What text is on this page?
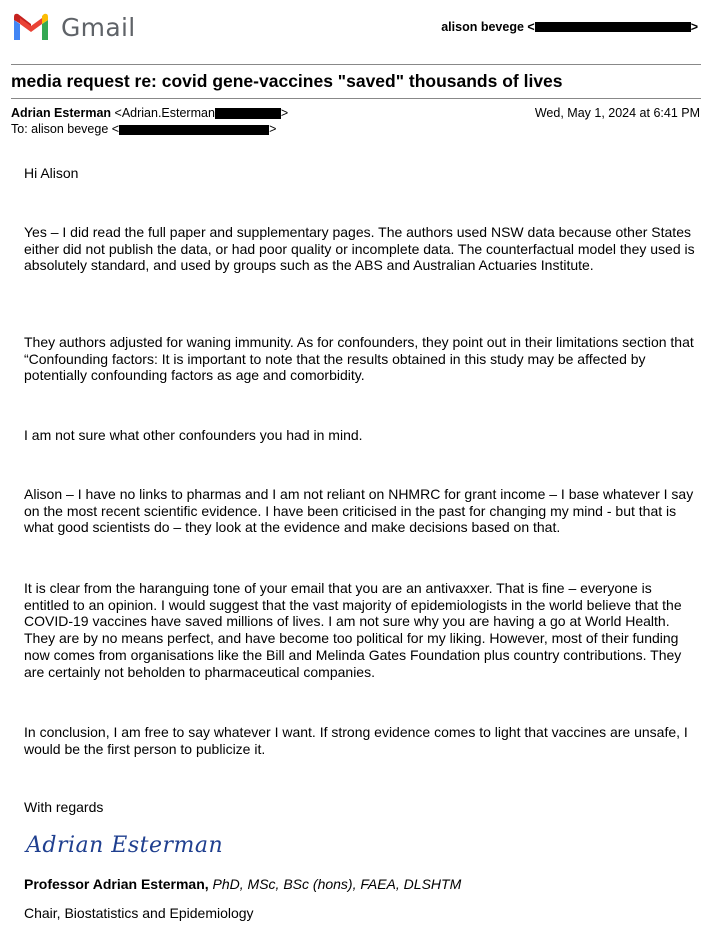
Gmail	alison bevege <	>
media request re: covid gene-vaccines "saved" thousands of lives
Adrian Esterman <Adrian.Esterman	>	Wed, May 1, 2024 at 6:41 PM
To: alison bevege <	>

Hi Alison

Yes – I did read the full paper and supplementary pages. The authors used NSW data because other States either did not publish the data, or had poor quality or incomplete data. The counterfactual model they used is absolutely standard, and used by groups such as the ABS and Australian Actuaries Institute.

They authors adjusted for waning immunity. As for confounders, they point out in their limitations section that “Confounding factors: It is important to note that the results obtained in this study may be affected by potentially confounding factors as age and comorbidity.

I am not sure what other confounders you had in mind.

Alison – I have no links to pharmas and I am not reliant on NHMRC for grant income – I base whatever I say on the most recent scientific evidence. I have been criticised in the past for changing my mind - but that is what good scientists do – they look at the evidence and make decisions based on that.

It is clear from the haranguing tone of your email that you are an antivaxxer. That is fine – everyone is entitled to an opinion. I would suggest that the vast majority of epidemiologists in the world believe that the COVID-19 vaccines have saved millions of lives. I am not sure why you are having a go at World Health. They are by no means perfect, and have become too political for my liking. However, most of their funding now comes from organisations like the Bill and Melinda Gates Foundation plus country contributions. They are certainly not beholden to pharmaceutical companies.

In conclusion, I am free to say whatever I want. If strong evidence comes to light that vaccines are unsafe, I would be the first person to publicize it.

With regards

Adrian Esterman
Professor Adrian Esterman, PhD, MSc, BSc (hons), FAEA, DLSHTM
Chair, Biostatistics and Epidemiology
